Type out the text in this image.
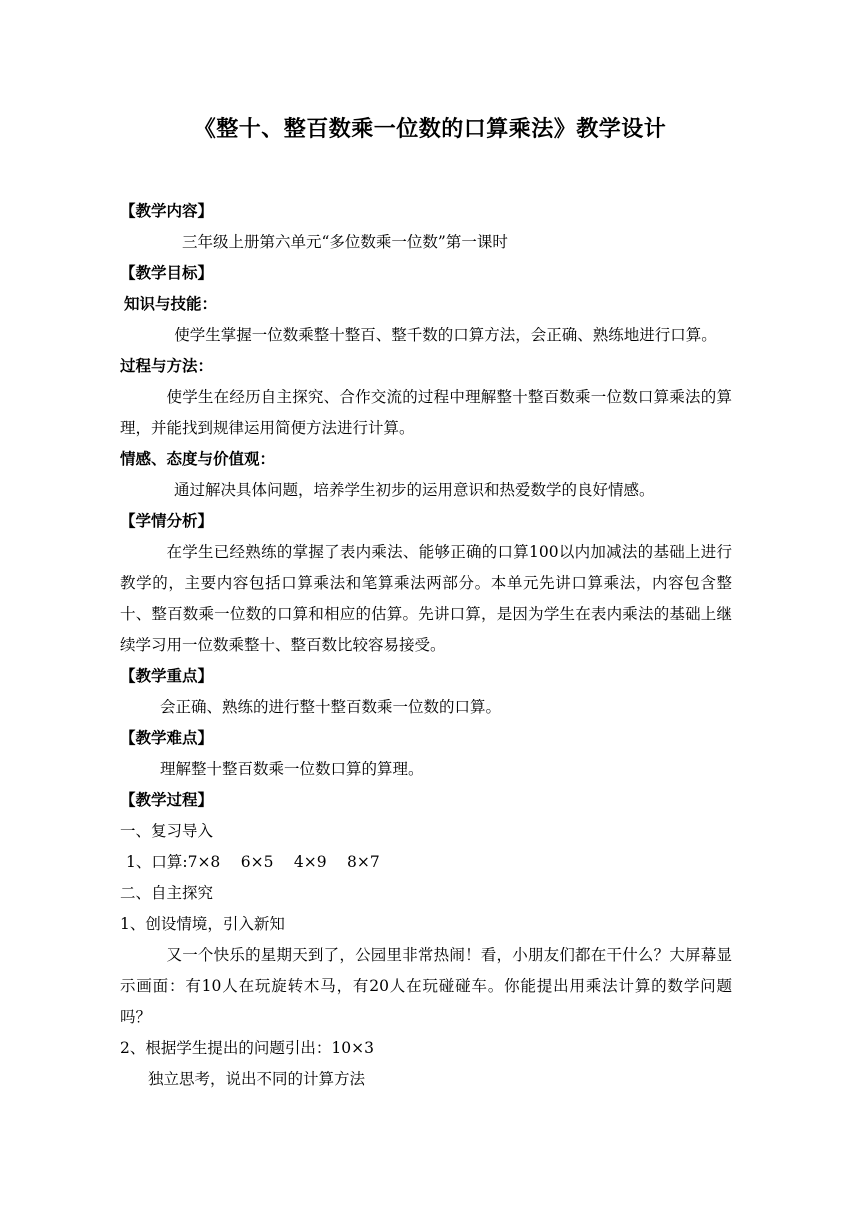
《整十、整百数乘一位数的口算乘法》教学设计
【教学内容】
三年级上册第六单元“多位数乘一位数”第一课时
【教学目标】
知识与技能：
使学生掌握一位数乘整十整百、整千数的口算方法，会正确、熟练地进行口算。
过程与方法：
使学生在经历自主探究、合作交流的过程中理解整十整百数乘一位数口算乘法的算理，并能找到规律运用简便方法进行计算。
情感、态度与价值观：
通过解决具体问题，培养学生初步的运用意识和热爱数学的良好情感。
【学情分析】
在学生已经熟练的掌握了表内乘法、能够正确的口算100以内加减法的基础上进行教学的，主要内容包括口算乘法和笔算乘法两部分。本单元先讲口算乘法，内容包含整十、整百数乘一位数的口算和相应的估算。先讲口算，是因为学生在表内乘法的基础上继续学习用一位数乘整十、整百数比较容易接受。
【教学重点】
会正确、熟练的进行整十整百数乘一位数的口算。
【教学难点】
理解整十整百数乘一位数口算的算理。
【教学过程】
一、复习导入
1、口算:7×8　 6×5　 4×9　 8×7
二、自主探究
1、创设情境，引入新知
又一个快乐的星期天到了，公园里非常热闹！看，小朋友们都在干什么？大屏幕显示画面：有10人在玩旋转木马，有20人在玩碰碰车。你能提出用乘法计算的数学问题吗？
2、根据学生提出的问题引出：10×3
独立思考，说出不同的计算方法
